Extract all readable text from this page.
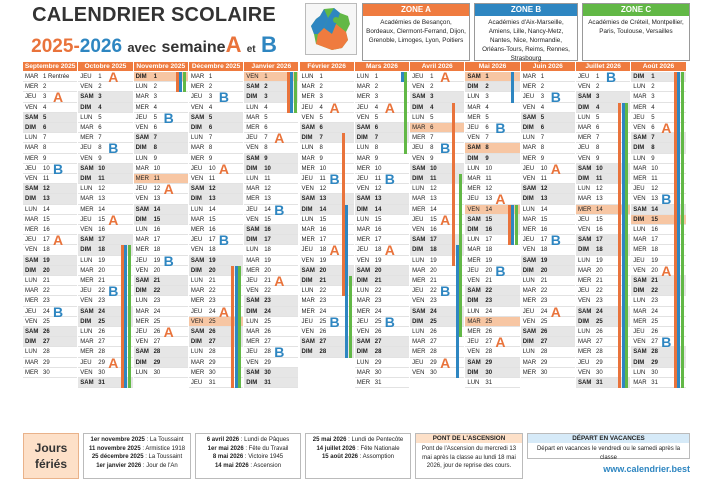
CALENDRIER SCOLAIRE
2025-2026 avec semaineA et B
ZONE A
Académies de Besançon, Bordeaux, Clermont-Ferrand, Dijon, Grenoble, Limoges, Lyon, Poitiers
ZONE B
Académies d'Aix-Marseille, Amiens, Lille, Nancy-Metz, Nantes, Nice, Normandie, Orléans-Tours, Reims, Rennes, Strasbourg
ZONE C
Académies de Créteil, Montpellier, Paris, Toulouse, Versailles
Septembre 2025
MAR 1 Rentrée
MER 2
JEU 3
VEN 4
SAM 5
DIM 6
LUN 7
MAR 8
MER 9
JEU 10
VEN 11
SAM 12
DIM 13
LUN 14
MAR 15
MER 16
JEU 17
VEN 18
SAM 19
DIM 20
LUN 21
MAR 22
MER 23
JEU 24
VEN 25
SAM 26
DIM 27
LUN 28
MAR 29
MER 30
A
B
A
B
Octobre 2025
JEU 1
VEN 2
SAM 3
DIM 4
LUN 5
MAR 6
MER 7
JEU 8
VEN 9
SAM 10
DIM 11
LUN 12
MAR 13
MER 14
JEU 15
VEN 16
SAM 17
DIM 18
LUN 19
MAR 20
MER 21
JEU 22
VEN 23
SAM 24
DIM 25
LUN 26
MAR 27
MER 28
JEU 29
VEN 30
SAM 31
A
B
A
B
A
Novembre 2025
DIM 1
LUN 2
MAR 3
MER 4
JEU 5
VEN 6
SAM 7
DIM 8
LUN 9
MAR 10
MER 11
JEU 12
VEN 13
SAM 14
DIM 15
LUN 16
MAR 17
MER 18
JEU 19
VEN 20
SAM 21
DIM 22
LUN 23
MAR 24
MER 25
JEU 26
VEN 27
SAM 28
DIM 29
LUN 30
B
A
B
A
Décembre 2025
MAR 1
MER 2
JEU 3
VEN 4
SAM 5
DIM 6
LUN 7
MAR 8
MER 9
JEU 10
VEN 11
SAM 12
DIM 13
LUN 14
MAR 15
MER 16
JEU 17
VEN 18
SAM 19
DIM 20
LUN 21
MAR 22
MER 23
JEU 24
VEN 25
SAM 26
DIM 27
LUN 28
MAR 29
MER 30
JEU 31
B
A
B
A
Janvier 2026
VEN 1
SAM 2
DIM 3
LUN 4
MAR 5
MER 6
JEU 7
VEN 8
SAM 9
DIM 10
LUN 11
MAR 12
MER 13
JEU 14
VEN 15
SAM 16
DIM 17
LUN 18
MAR 19
MER 20
JEU 21
VEN 22
SAM 23
DIM 24
LUN 25
MAR 26
MER 27
JEU 28
VEN 29
SAM 30
DIM 31
A
B
A
B
Février 2026
LUN 1
MAR 2
MER 3
JEU 4
VEN 5
SAM 6
DIM 7
LUN 8
MAR 9
MER 10
JEU 11
VEN 12
SAM 13
DIM 14
LUN 15
MAR 16
MER 17
JEU 18
VEN 19
SAM 20
DIM 21
LUN 22
MAR 23
MER 24
JEU 25
VEN 26
SAM 27
DIM 28
A
B
A
B
Mars 2026
LUN 1
MAR 2
MER 3
JEU 4
VEN 5
SAM 6
DIM 7
LUN 8
MAR 9
MER 10
JEU 11
VEN 12
SAM 13
DIM 14
LUN 15
MAR 16
MER 17
JEU 18
VEN 19
SAM 20
DIM 21
LUN 22
MAR 23
MER 24
JEU 25
VEN 26
SAM 27
DIM 28
LUN 29
MAR 30
MER 31
A
B
A
B
Avril 2026
JEU 1
VEN 2
SAM 3
DIM 4
LUN 5
MAR 6
MER 7
JEU 8
VEN 9
SAM 10
DIM 11
LUN 12
MAR 13
MER 14
JEU 15
VEN 16
SAM 17
DIM 18
LUN 19
MAR 20
MER 21
JEU 22
VEN 23
SAM 24
DIM 25
LUN 26
MAR 27
MER 28
JEU 29
VEN 30
A
B
A
B
A
Mai 2026
SAM 1
DIM 2
LUN 3
MAR 4
MER 5
JEU 6
VEN 7
SAM 8
DIM 9
LUN 10
MAR 11
MER 12
JEU 13
VEN 14
SAM 15
DIM 16
LUN 17
MAR 18
MER 19
JEU 20
VEN 21
SAM 22
DIM 23
LUN 24
MAR 25
MER 26
JEU 27
VEN 28
SAM 29
DIM 30
LUN 31
B
A
B
A
Juin 2026
MAR 1
MER 2
JEU 3
VEN 4
SAM 5
DIM 6
LUN 7
MAR 8
MER 9
JEU 10
VEN 11
SAM 12
DIM 13
LUN 14
MAR 15
MER 16
JEU 17
VEN 18
SAM 19
DIM 20
LUN 21
MAR 22
MER 23
JEU 24
VEN 25
SAM 26
DIM 27
LUN 28
MAR 29
MER 30
B
A
B
A
Juillet 2026
JEU 1
VEN 2
SAM 3
DIM 4
LUN 5
MAR 6
MER 7
JEU 8
VEN 9
SAM 10
DIM 11
LUN 12
MAR 13
MER 14
JEU 15
VEN 16
SAM 17
DIM 18
LUN 19
MAR 20
MER 21
JEU 22
VEN 23
SAM 24
DIM 25
LUN 26
MAR 27
MER 28
JEU 29
VEN 30
SAM 31
B
Août 2026
DIM 1
LUN 2
MAR 3
MER 4
JEU 5
VEN 6
SAM 7
DIM 8
LUN 9
MAR 10
MER 11
JEU 12
VEN 13
SAM 14
DIM 15
LUN 16
MAR 17
MER 18
JEU 19
VEN 20
SAM 21
DIM 22
LUN 23
MAR 24
MER 25
JEU 26
VEN 27
SAM 28
DIM 29
LUN 30
MAR 31
A
B
A
B
Jours
fériés
1er novembre 2025 : La Toussaint
11 novembre 2025 : Armistice 1918
25 décembre 2025 : La Toussaint
1er janvier 2026 : Jour de l'An
6 avril 2026 : Lundi de Pâques
1er mai 2026 : Fête du Travail
8 mai 2026 : Victoire 1945
14 mai 2026 : Ascension
25 mai 2026 : Lundi de Pentecôte
14 juillet 2026 : Fête Nationale
15 août 2026 : Assomption
PONT DE L'ASCENSION
Pont de l'Ascension du mercredi 13 mai après la classe au lundi 18 mai 2026, jour de reprise des cours.
DÉPART EN VACANCES
Départ en vacances le vendredi ou le samedi après la classe
www.calendrier.best
